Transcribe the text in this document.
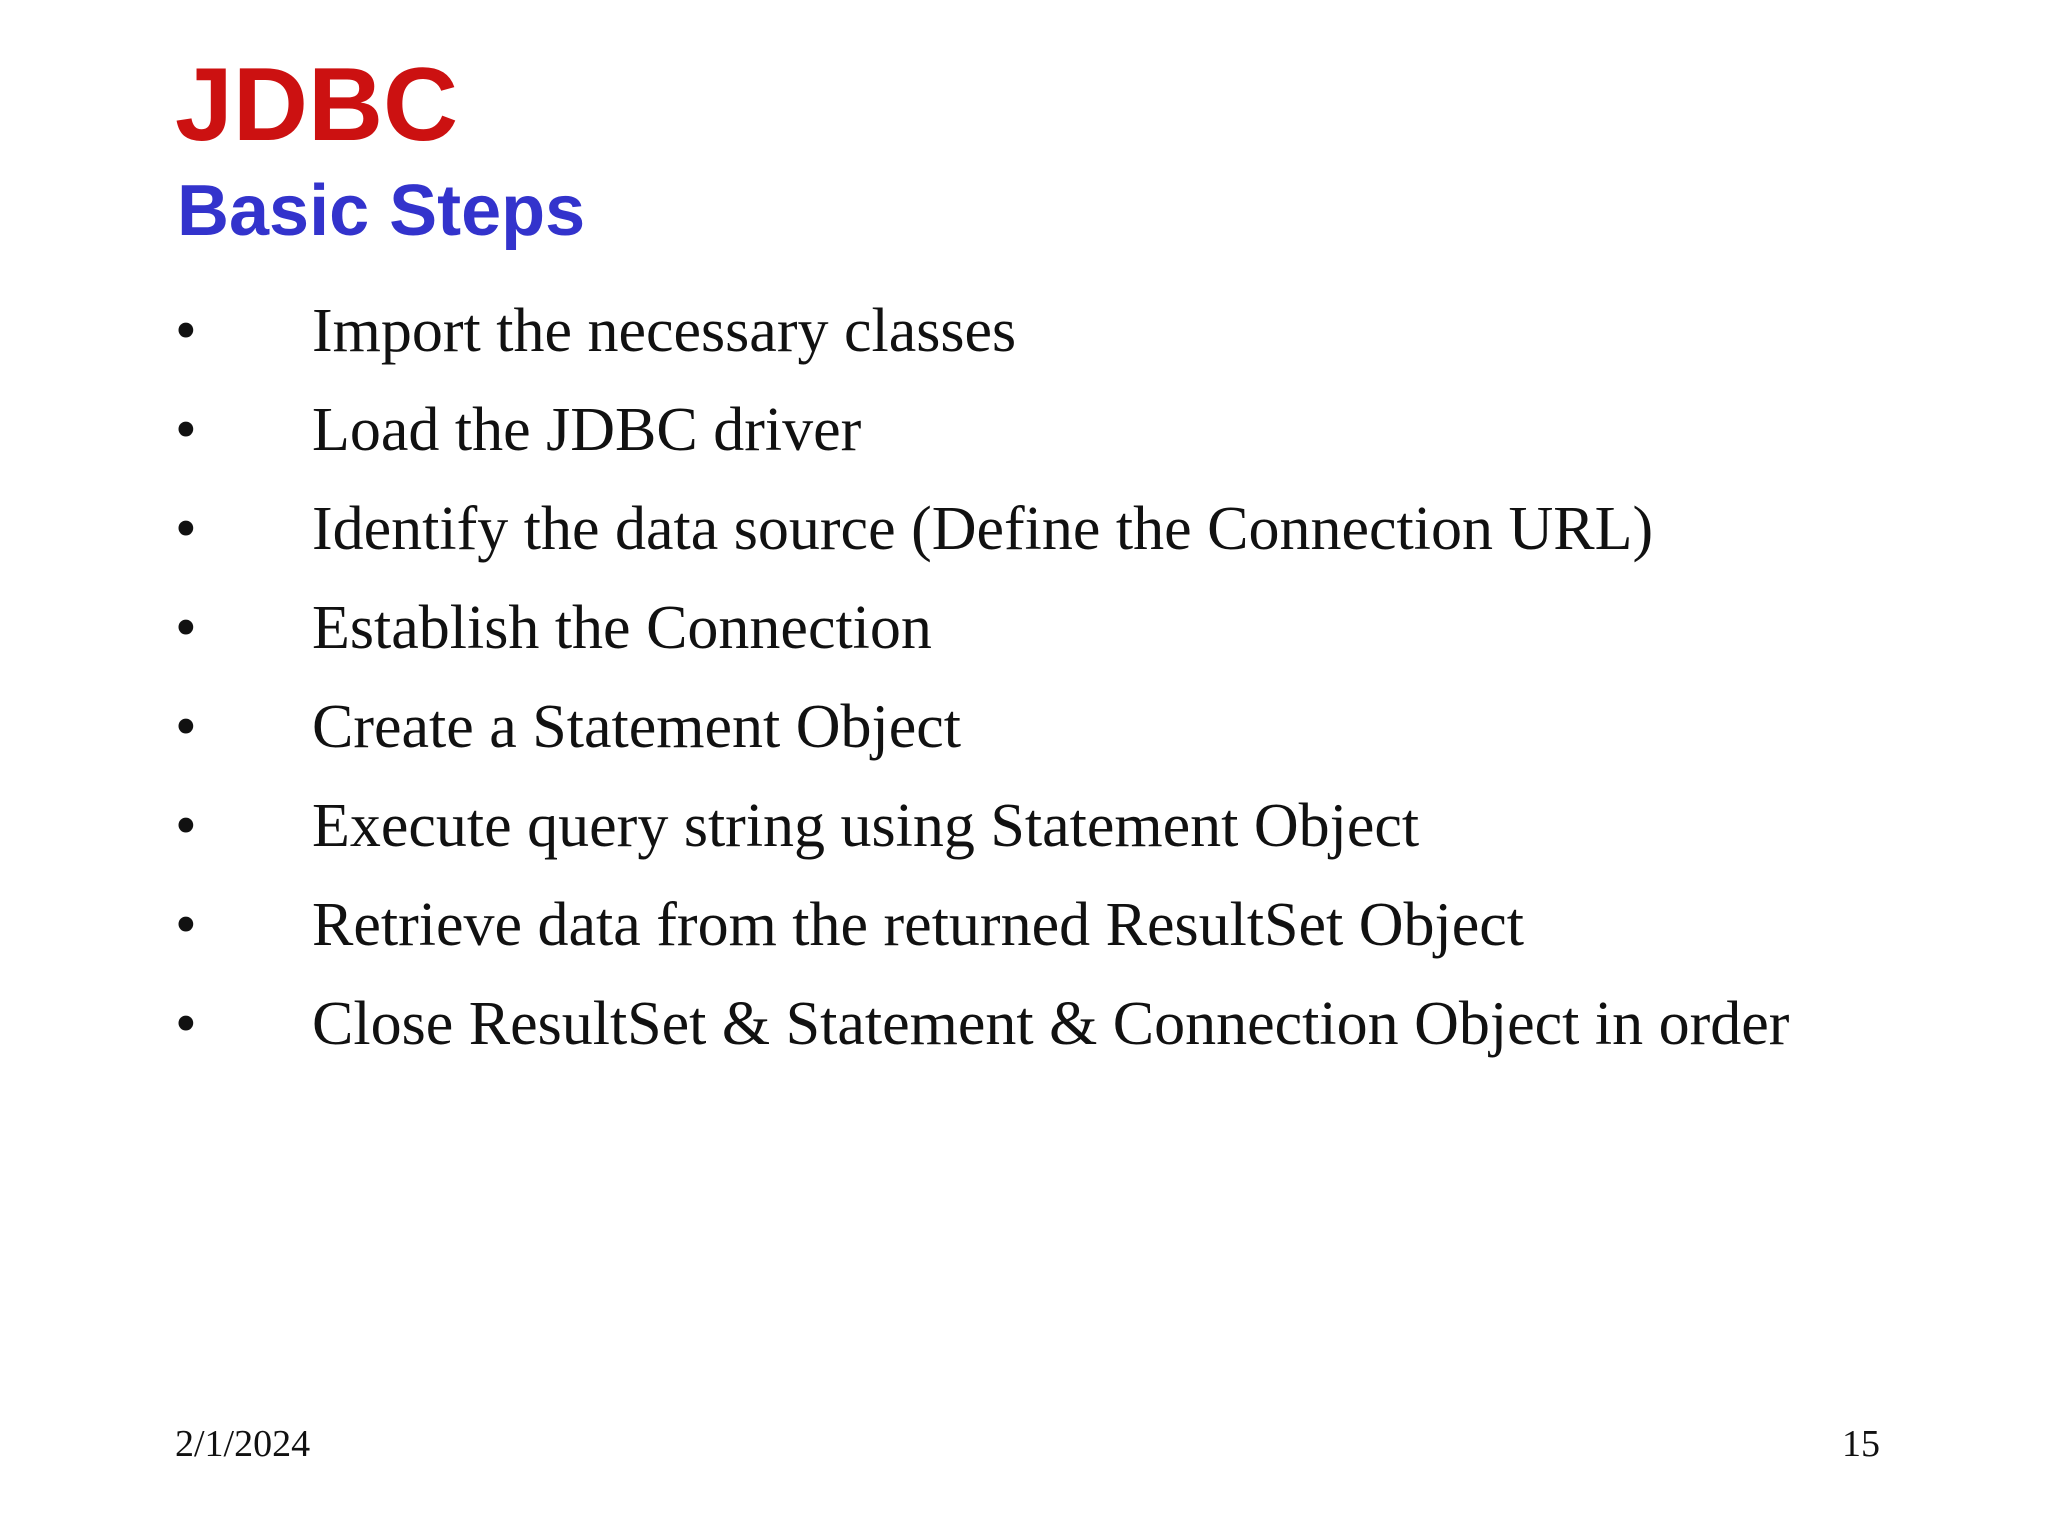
JDBC
Basic Steps
• Import the necessary classes
• Load the JDBC driver
• Identify the data source (Define the Connection URL)
• Establish the Connection
• Create a Statement Object
• Execute query string using Statement Object
• Retrieve data from the returned ResultSet Object
• Close ResultSet & Statement & Connection Object in order
2/1/2024	15
